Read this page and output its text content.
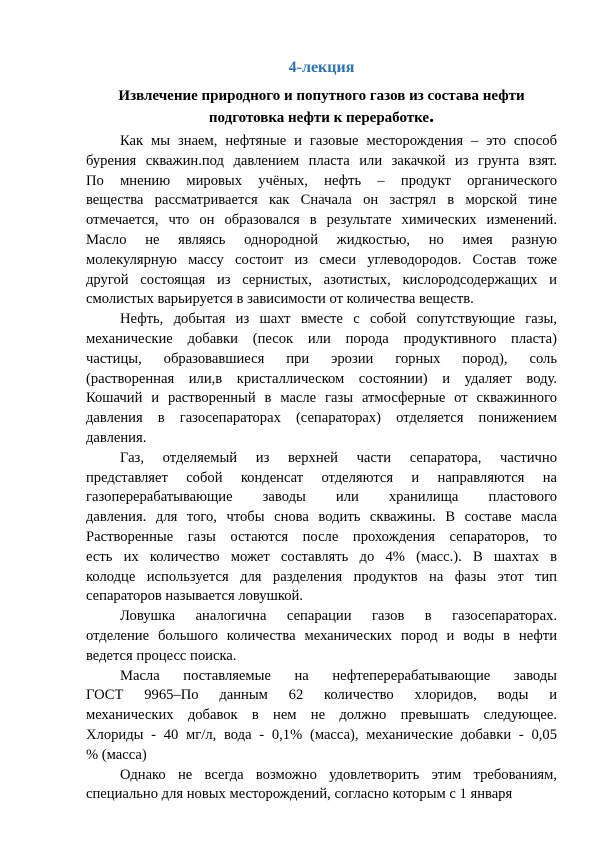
4-лекция
Извлечение природного и попутного газов из состава нефти
подготовка нефти к переработке.
Как мы знаем, нефтяные и газовые месторождения – это способ
бурения скважин.под давлением пласта или закачкой из грунта взят.
По мнению мировых учёных, нефть – продукт органического
вещества рассматривается как Сначала он застрял в морской тине
отмечается, что он образовался в результате химических изменений.
Масло не являясь однородной жидкостью, но имея разную
молекулярную массу состоит из смеси углеводородов. Состав тоже
другой состоящая из сернистых, азотистых, кислородсодержащих и
смолистых варьируется в зависимости от количества веществ.
Нефть, добытая из шахт вместе с собой сопутствующие газы,
механические добавки (песок или порода продуктивного пласта)
частицы, образовавшиеся при эрозии горных пород), соль
(растворенная или,в кристаллическом состоянии) и удаляет воду.
Кошачий и растворенный в масле газы атмосферные от скважинного
давления в газосепараторах (сепараторах) отделяется понижением
давления.
Газ, отделяемый из верхней части сепаратора, частично
представляет собой конденсат отделяются и направляются на
газоперерабатывающие заводы или хранилища пластового
давления. для того, чтобы снова водить скважины. В составе масла
Растворенные газы остаются после прохождения сепараторов, то
есть их количество может составлять до 4% (масс.). В шахтах в
колодце используется для разделения продуктов на фазы этот тип
сепараторов называется ловушкой.
Ловушка аналогична сепарации газов в газосепараторах.
отделение большого количества механических пород и воды в нефти
ведется процесс поиска.
Масла поставляемые на нефтеперерабатывающие заводы
ГОСТ 9965–По данным 62 количество хлоридов, воды и
механических добавок в нем не должно превышать следующее.
Хлориды - 40 мг/л, вода - 0,1% (масса), механические добавки - 0,05
% (масса)
Однако не всегда возможно удовлетворить этим требованиям,
специально для новых месторождений, согласно которым с 1 января
